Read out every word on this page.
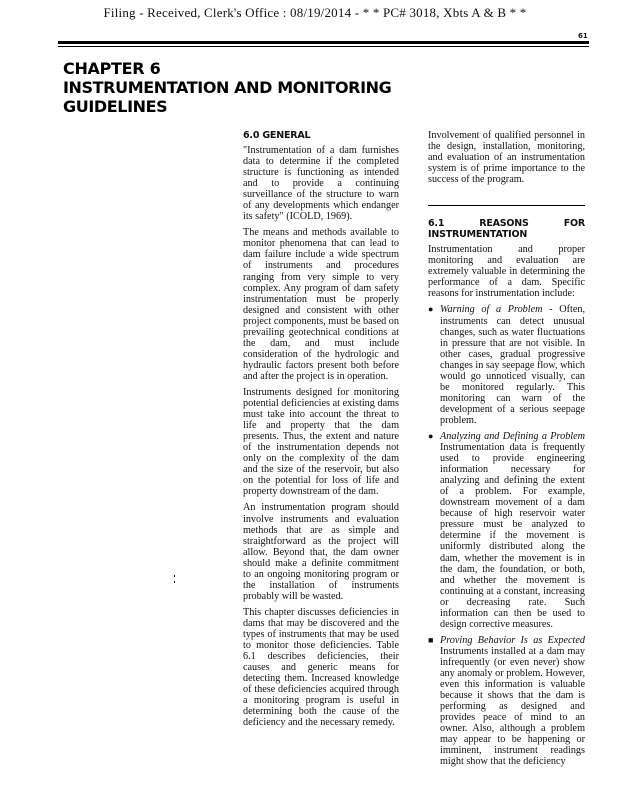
Filing - Received, Clerk's Office : 08/19/2014 - * * PC# 3018, Xbts A & B * *
61
CHAPTER 6
INSTRUMENTATION AND MONITORING GUIDELINES
6.0 GENERAL

"Instrumentation of a dam furnishes data to determine if the completed structure is functioning as intended and to provide a continuing surveillance of the structure to warn of any developments which endanger its safety" (ICOLD, 1969).

The means and methods available to monitor phenomena that can lead to dam failure include a wide spectrum of instruments and procedures ranging from very simple to very complex. Any program of dam safety instrumentation must be properly designed and consistent with other project components, must be based on prevailing geotechnical conditions at the dam, and must include consideration of the hydrologic and hydraulic factors present both before and after the project is in operation.

Instruments designed for monitoring potential deficiencies at existing dams must take into account the threat to life and property that the dam presents. Thus, the extent and nature of the instrumentation depends not only on the complexity of the dam and the size of the reservoir, but also on the potential for loss of life and property downstream of the dam.

An instrumentation program should involve instruments and evaluation methods that are as simple and straightforward as the project will allow. Beyond that, the dam owner should make a definite commitment to an ongoing monitoring program or the installation of instruments probably will be wasted.

This chapter discusses deficiencies in dams that may be discovered and the types of instruments that may be used to monitor those deficiencies. Table 6.1 describes deficiencies, their causes and generic means for detecting them. Increased knowledge of these deficiencies acquired through a monitoring program is useful in determining both the cause of the deficiency and the necessary remedy.

Involvement of qualified personnel in the design, installation, monitoring, and evaluation of an instrumentation system is of prime importance to the success of the program.

6.1 REASONS FOR INSTRUMENTATION

Instrumentation and proper monitoring and evaluation are extremely valuable in determining the performance of a dam. Specific reasons for instrumentation include:

● Warning of a Problem - Often, instruments can detect unusual changes, such as water fluctuations in pressure that are not visible. In other cases, gradual progressive changes in say seepage flow, which would go unnoticed visually, can be monitored regularly. This monitoring can warn of the development of a serious seepage problem.
● Analyzing and Defining a Problem Instrumentation data is frequently used to provide engineering information necessary for analyzing and defining the extent of a problem. For example, downstream movement of a dam because of high reservoir water pressure must be analyzed to determine if the movement is uniformly distributed along the dam, whether the movement is in the dam, the foundation, or both, and whether the movement is continuing at a constant, increasing or decreasing rate. Such information can then be used to design corrective measures.
■ Proving Behavior Is as Expected Instruments installed at a dam may infrequently (or even never) show any anomaly or problem. However, even this information is valuable because it shows that the dam is performing as designed and provides peace of mind to an owner. Also, although a problem may appear to be happening or imminent, instrument readings might show that the deficiency
